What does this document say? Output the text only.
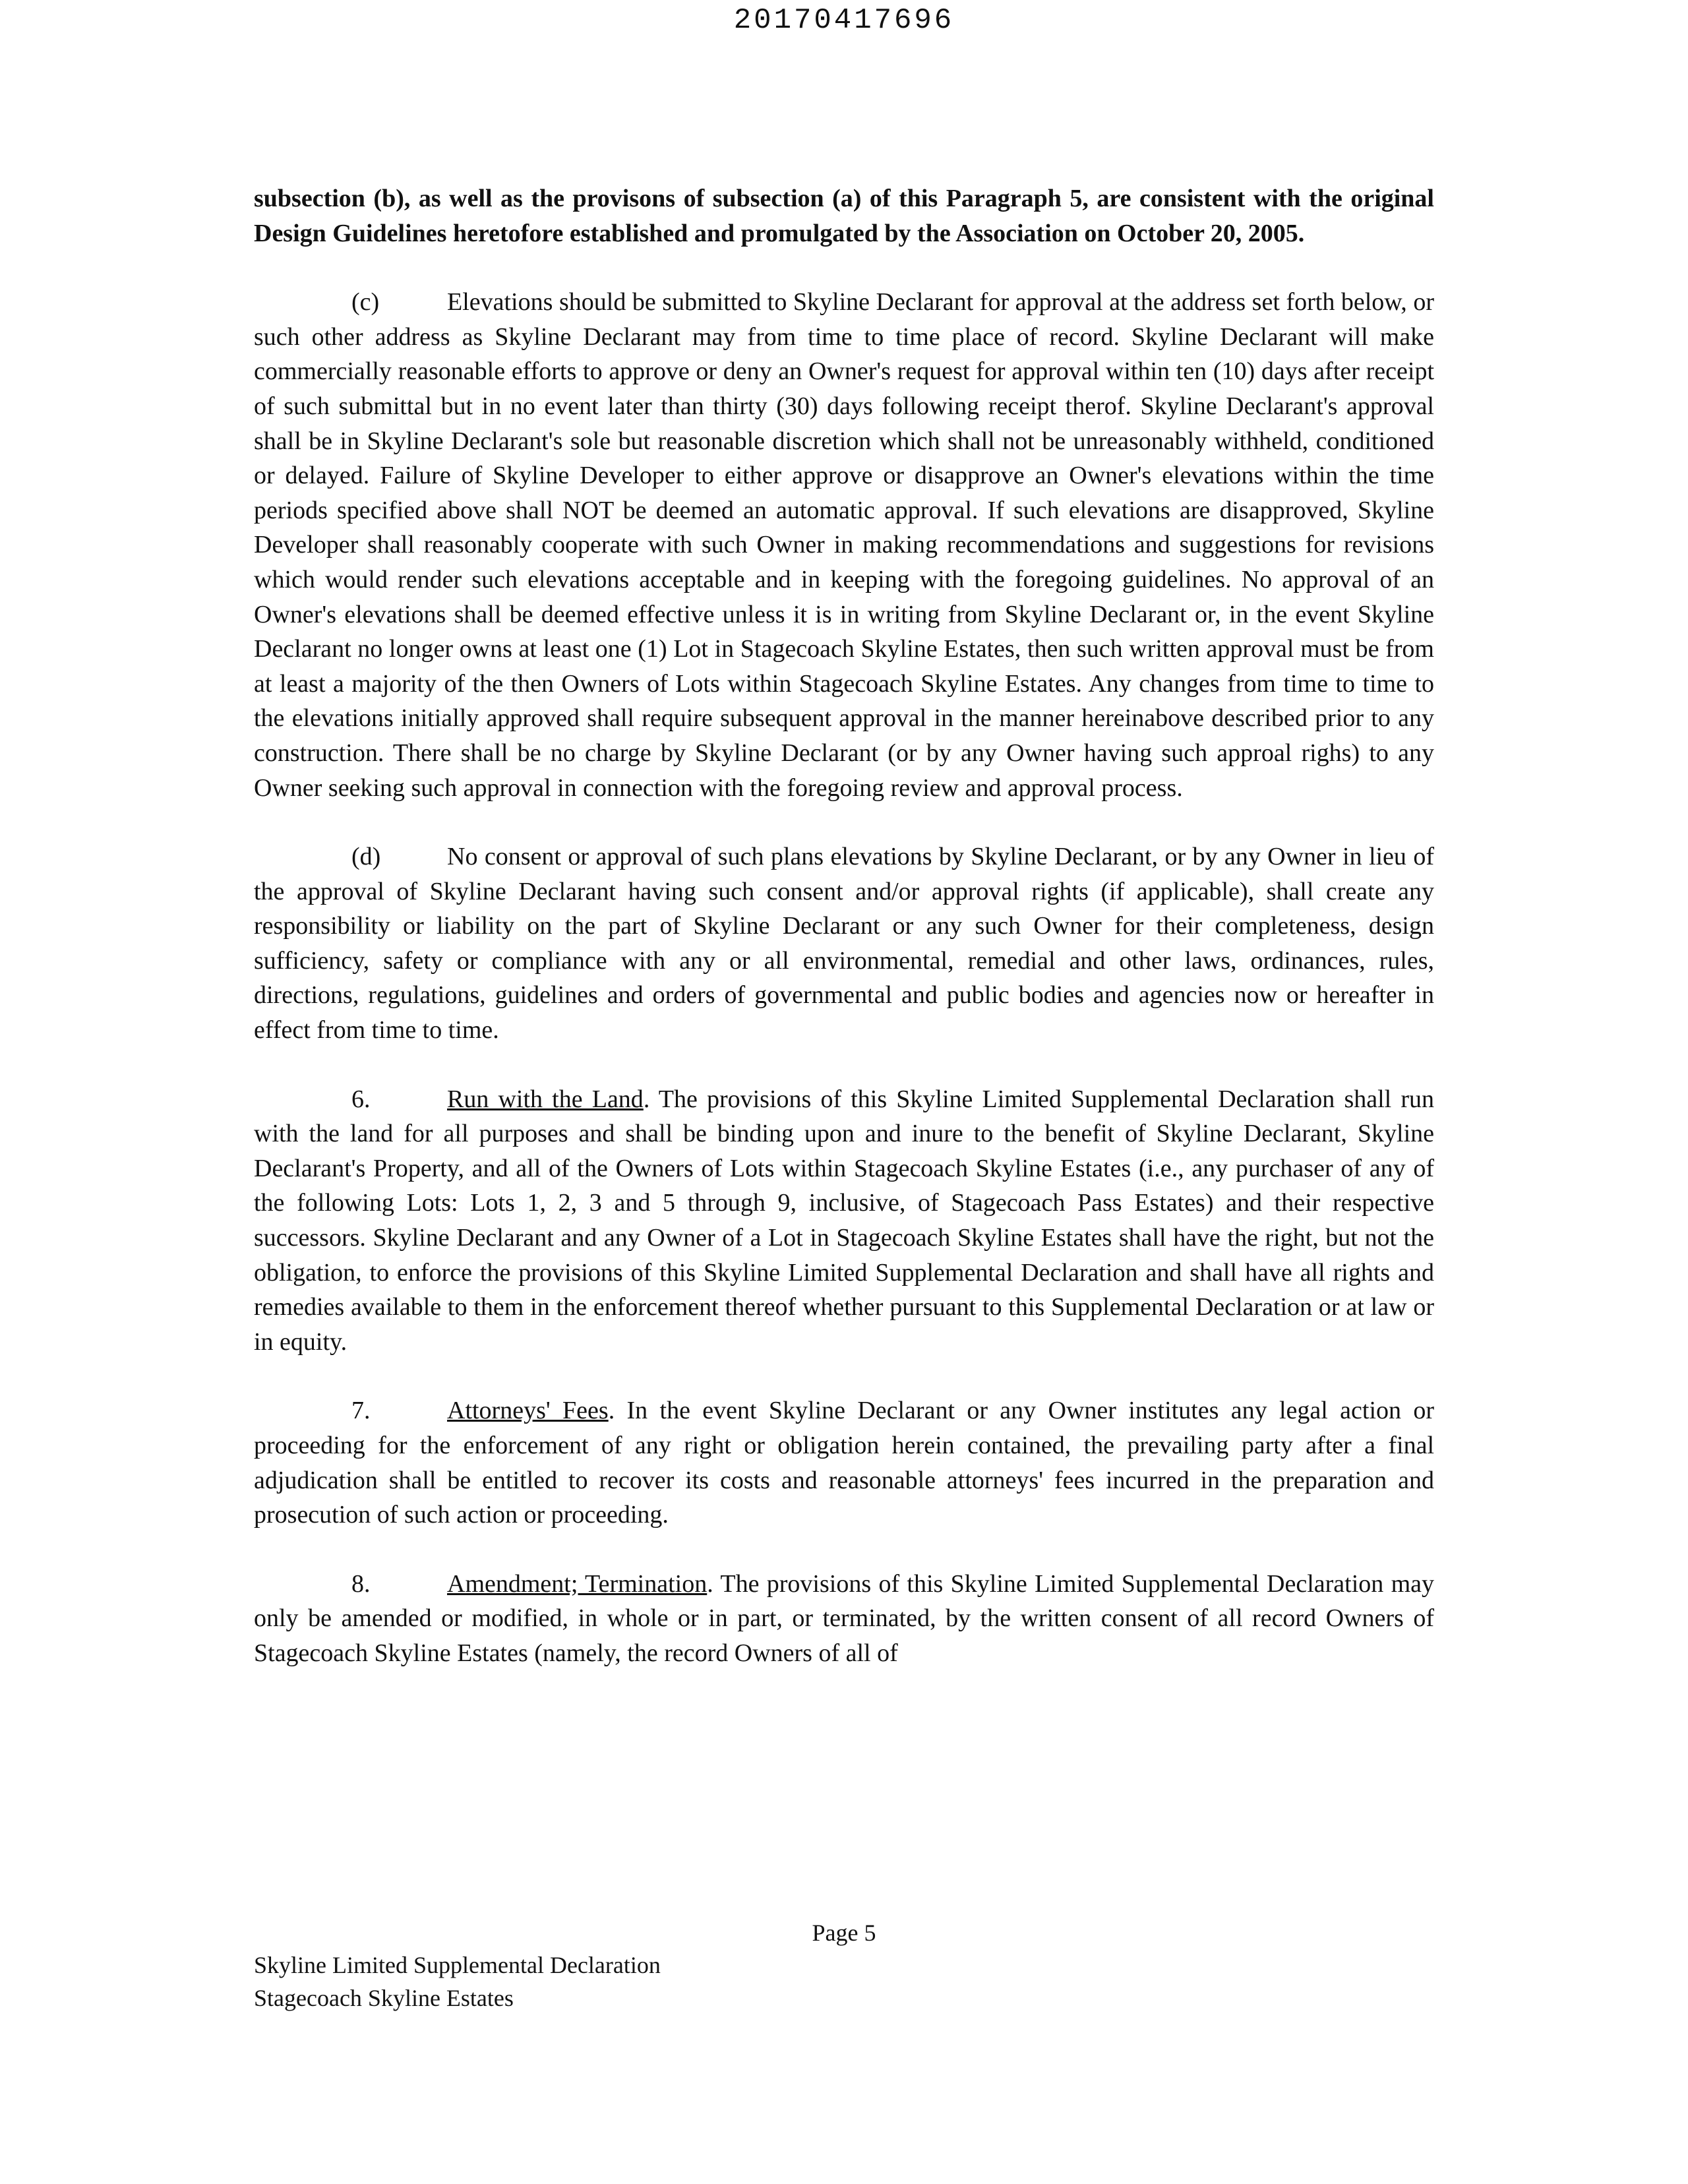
20170417696

subsection (b), as well as the provisons of subsection (a) of this Paragraph 5, are consistent with the original Design Guidelines heretofore established and promulgated by the Association on October 20, 2005.

(c)	Elevations should be submitted to Skyline Declarant for approval at the address set forth below, or such other address as Skyline Declarant may from time to time place of record. Skyline Declarant will make commercially reasonable efforts to approve or deny an Owner's request for approval within ten (10) days after receipt of such submittal but in no event later than thirty (30) days following receipt therof. Skyline Declarant's approval shall be in Skyline Declarant's sole but reasonable discretion which shall not be unreasonably withheld, conditioned or delayed. Failure of Skyline Developer to either approve or disapprove an Owner's elevations within the time periods specified above shall NOT be deemed an automatic approval. If such elevations are disapproved, Skyline Developer shall reasonably cooperate with such Owner in making recommendations and suggestions for revisions which would render such elevations acceptable and in keeping with the foregoing guidelines. No approval of an Owner's elevations shall be deemed effective unless it is in writing from Skyline Declarant or, in the event Skyline Declarant no longer owns at least one (1) Lot in Stagecoach Skyline Estates, then such written approval must be from at least a majority of the then Owners of Lots within Stagecoach Skyline Estates. Any changes from time to time to the elevations initially approved shall require subsequent approval in the manner hereinabove described prior to any construction. There shall be no charge by Skyline Declarant (or by any Owner having such approal righs) to any Owner seeking such approval in connection with the foregoing review and approval process.

(d)	No consent or approval of such plans elevations by Skyline Declarant, or by any Owner in lieu of the approval of Skyline Declarant having such consent and/or approval rights (if applicable), shall create any responsibility or liability on the part of Skyline Declarant or any such Owner for their completeness, design sufficiency, safety or compliance with any or all environmental, remedial and other laws, ordinances, rules, directions, regulations, guidelines and orders of governmental and public bodies and agencies now or hereafter in effect from time to time.

6.	Run with the Land. The provisions of this Skyline Limited Supplemental Declaration shall run with the land for all purposes and shall be binding upon and inure to the benefit of Skyline Declarant, Skyline Declarant's Property, and all of the Owners of Lots within Stagecoach Skyline Estates (i.e., any purchaser of any of the following Lots: Lots 1, 2, 3 and 5 through 9, inclusive, of Stagecoach Pass Estates) and their respective successors. Skyline Declarant and any Owner of a Lot in Stagecoach Skyline Estates shall have the right, but not the obligation, to enforce the provisions of this Skyline Limited Supplemental Declaration and shall have all rights and remedies available to them in the enforcement thereof whether pursuant to this Supplemental Declaration or at law or in equity.

7.	Attorneys' Fees. In the event Skyline Declarant or any Owner institutes any legal action or proceeding for the enforcement of any right or obligation herein contained, the prevailing party after a final adjudication shall be entitled to recover its costs and reasonable attorneys' fees incurred in the preparation and prosecution of such action or proceeding.

8.	Amendment; Termination. The provisions of this Skyline Limited Supplemental Declaration may only be amended or modified, in whole or in part, or terminated, by the written consent of all record Owners of Stagecoach Skyline Estates (namely, the record Owners of all of

Page 5
Skyline Limited Supplemental Declaration
Stagecoach Skyline Estates
